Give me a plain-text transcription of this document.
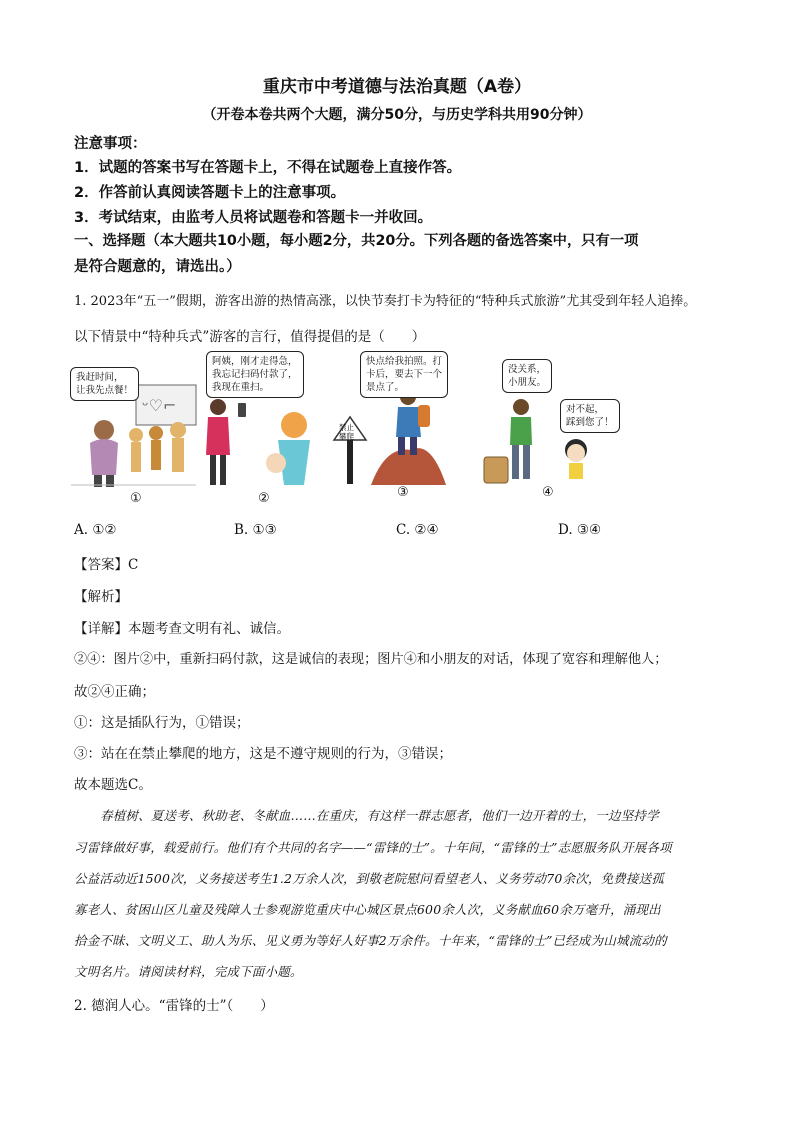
重庆市中考道德与法治真题（A卷）
（开卷本卷共两个大题，满分50分，与历史学科共用90分钟）
注意事项：
1．试题的答案书写在答题卡上，不得在试题卷上直接作答。
2．作答前认真阅读答题卡上的注意事项。
3．考试结束，由监考人员将试题卷和答题卡一并收回。
一、选择题（本大题共10小题，每小题2分，共20分。下列各题的备选答案中，只有一项
是符合题意的，请选出。）
1. 2023年“五一”假期，游客出游的热情高涨，以快节奏打卡为特征的“特种兵式旅游”尤其受到年轻人追捧。
以下情景中“特种兵式”游客的言行，值得提倡的是（　　）
ᵕ♡⌐
我赶时间，
让我先点餐！
①
阿姨，刚才走得急，
我忘记扫码付款了，
我现在重扫。
②
快点给我拍照。打
卡后，要去下一个
景点了。
禁止
攀爬
③
没关系，
小朋友。
对不起，
踩到您了！
④
A. ①②	B. ①③	C. ②④	D. ③④
【答案】C
【解析】
【详解】本题考查文明有礼、诚信。
②④：图片②中，重新扫码付款，这是诚信的表现；图片④和小朋友的对话，体现了宽容和理解他人；
故②④正确；
①：这是插队行为，①错误；
③：站在在禁止攀爬的地方，这是不遵守规则的行为，③错误；
故本题选C。
春植树、夏送考、秋助老、冬献血……在重庆，有这样一群志愿者，他们一边开着的士，一边坚持学
习雷锋做好事，载爱前行。他们有个共同的名字——“雷锋的士”。十年间，“雷锋的士”志愿服务队开展各项
公益活动近1500次，义务接送考生1.2万余人次，到敬老院慰问看望老人、义务劳动70余次，免费接送孤
寡老人、贫困山区儿童及残障人士参观游览重庆中心城区景点600余人次，义务献血60余万毫升，涌现出
拾金不昧、文明义工、助人为乐、见义勇为等好人好事2万余件。十年来，“雷锋的士”已经成为山城流动的
文明名片。请阅读材料，完成下面小题。
2. 德润人心。“雷锋的士”（　　）
